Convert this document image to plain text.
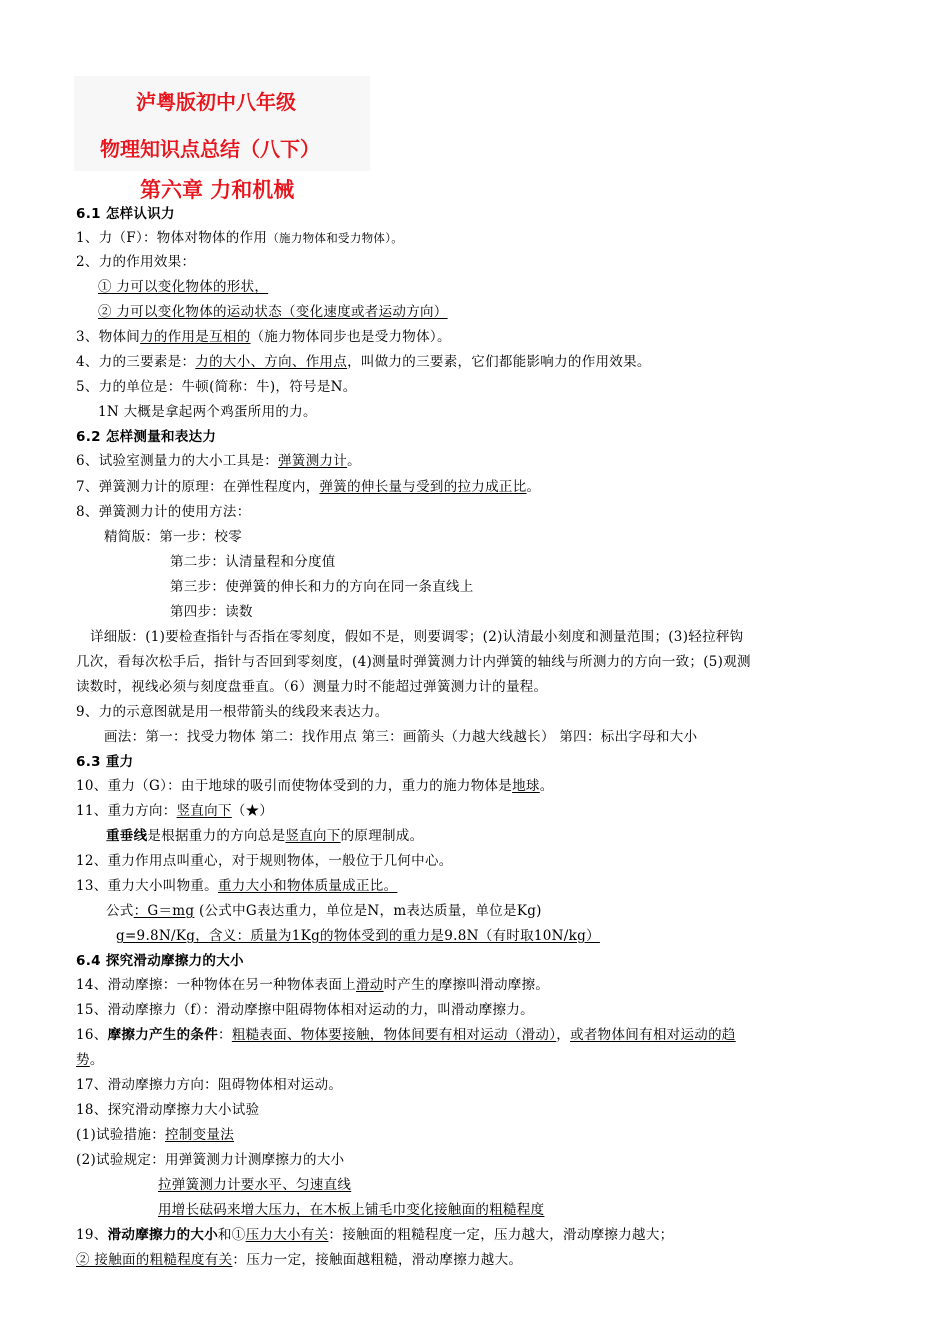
泸粤版初中八年级
物理知识点总结（八下）
第六章 力和机械
6.1 怎样认识力
1、力（F）：物体对物体的作用（施力物体和受力物体）。
2、力的作用效果：
① 力可以变化物体的形状，
② 力可以变化物体的运动状态（变化速度或者运动方向）
3、物体间力的作用是互相的（施力物体同步也是受力物体）。
4、力的三要素是：力的大小、方向、作用点，叫做力的三要素，它们都能影响力的作用效果。
5、力的单位是：牛顿(简称：牛)，符号是N。
1N 大概是拿起两个鸡蛋所用的力。
6.2 怎样测量和表达力
6、试验室测量力的大小工具是：弹簧测力计。
7、弹簧测力计的原理：在弹性程度内，弹簧的伸长量与受到的拉力成正比。
8、弹簧测力计的使用方法：
精简版：第一步：校零
第二步：认清量程和分度值
第三步：使弹簧的伸长和力的方向在同一条直线上
第四步：读数
详细版：(1)要检查指针与否指在零刻度，假如不是，则要调零；(2)认清最小刻度和测量范围；(3)轻拉秤钩
几次，看每次松手后，指针与否回到零刻度，(4)测量时弹簧测力计内弹簧的轴线与所测力的方向一致；(5)观测
读数时，视线必须与刻度盘垂直。（6）测量力时不能超过弹簧测力计的量程。
9、力的示意图就是用一根带箭头的线段来表达力。
画法：第一：找受力物体 第二：找作用点 第三：画箭头（力越大线越长） 第四：标出字母和大小
6.3 重力
10、重力（G）：由于地球的吸引而使物体受到的力，重力的施力物体是地球。
11、重力方向：竖直向下（★）
重垂线是根据重力的方向总是竖直向下的原理制成。
12、重力作用点叫重心，对于规则物体，一般位于几何中心。
13、重力大小叫物重。重力大小和物体质量成正比。
公式：G＝mg (公式中G表达重力，单位是N，m表达质量，单位是Kg)
g=9.8N/Kg，含义：质量为1Kg的物体受到的重力是9.8N（有时取10N/kg）
6.4 探究滑动摩擦力的大小
14、滑动摩擦：一种物体在另一种物体表面上滑动时产生的摩擦叫滑动摩擦。
15、滑动摩擦力（f）：滑动摩擦中阻碍物体相对运动的力，叫滑动摩擦力。
16、摩擦力产生的条件：粗糙表面、物体要接触，物体间要有相对运动（滑动），或者物体间有相对运动的趋
势。
17、滑动摩擦力方向：阻碍物体相对运动。
18、探究滑动摩擦力大小试验
(1)试验措施：控制变量法
(2)试验规定：用弹簧测力计测摩擦力的大小
拉弹簧测力计要水平、匀速直线
用增长砝码来增大压力，在木板上铺毛巾变化接触面的粗糙程度
19、滑动摩擦力的大小和①压力大小有关：接触面的粗糙程度一定，压力越大，滑动摩擦力越大；
② 接触面的粗糙程度有关：压力一定，接触面越粗糙，滑动摩擦力越大。
